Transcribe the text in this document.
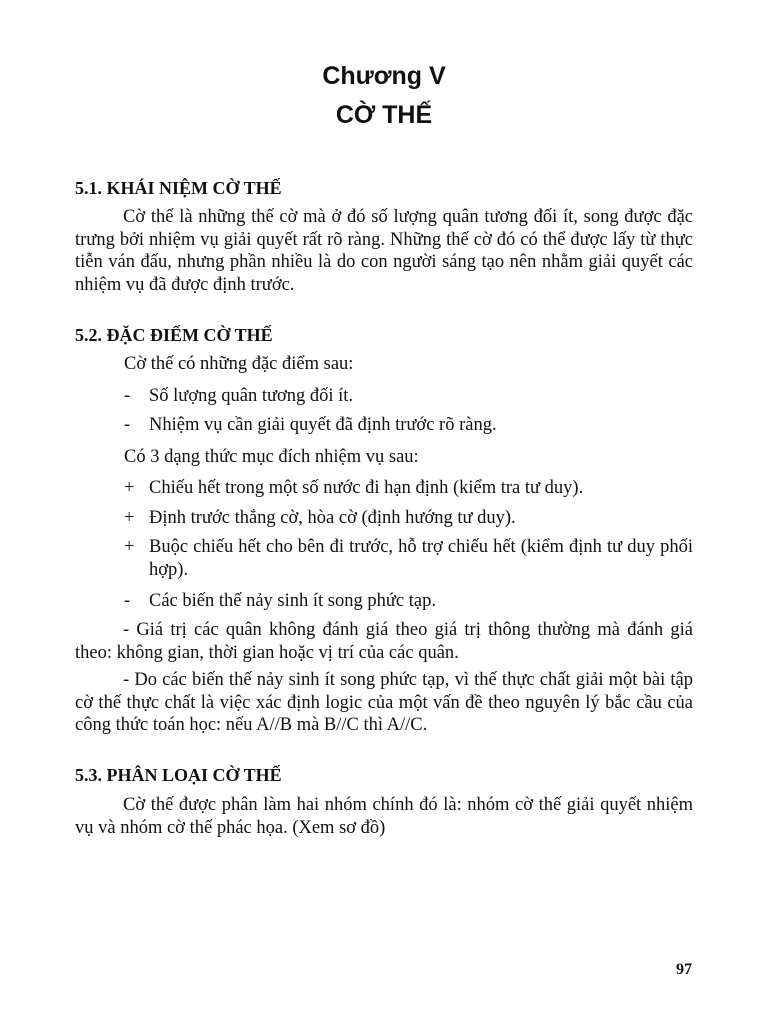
Chương V
CỜ THẾ
5.1. KHÁI NIỆM CỜ THẾ

Cờ thế là những thế cờ mà ở đó số lượng quân tương đối ít, song được đặc trưng bởi nhiệm vụ giải quyết rất rõ ràng. Những thế cờ đó có thể được lấy từ thực tiễn ván đấu, nhưng phần nhiều là do con người sáng tạo nên nhằm giải quyết các nhiệm vụ đã được định trước.

5.2. ĐẶC ĐIỂM CỜ THẾ
Cờ thế có những đặc điểm sau:
- Số lượng quân tương đối ít.
- Nhiệm vụ cần giải quyết đã định trước rõ ràng.
Có 3 dạng thức mục đích nhiệm vụ sau:
+ Chiếu hết trong một số nước đi hạn định (kiểm tra tư duy).
+ Định trước thắng cờ, hòa cờ (định hướng tư duy).
+ Buộc chiếu hết cho bên đi trước, hỗ trợ chiếu hết (kiểm định tư duy phối hợp).
- Các biến thế nảy sinh ít song phức tạp.

- Giá trị các quân không đánh giá theo giá trị thông thường mà đánh giá theo: không gian, thời gian hoặc vị trí của các quân.

- Do các biến thế nảy sinh ít song phức tạp, vì thế thực chất giải một bài tập cờ thế thực chất là việc xác định logic của một vấn đề theo nguyên lý bắc cầu của công thức toán học: nếu A//B mà B//C thì A//C.

5.3. PHÂN LOẠI CỜ THẾ

Cờ thế được phân làm hai nhóm chính đó là: nhóm cờ thế giải quyết nhiệm vụ và nhóm cờ thế phác họa. (Xem sơ đồ)

97
